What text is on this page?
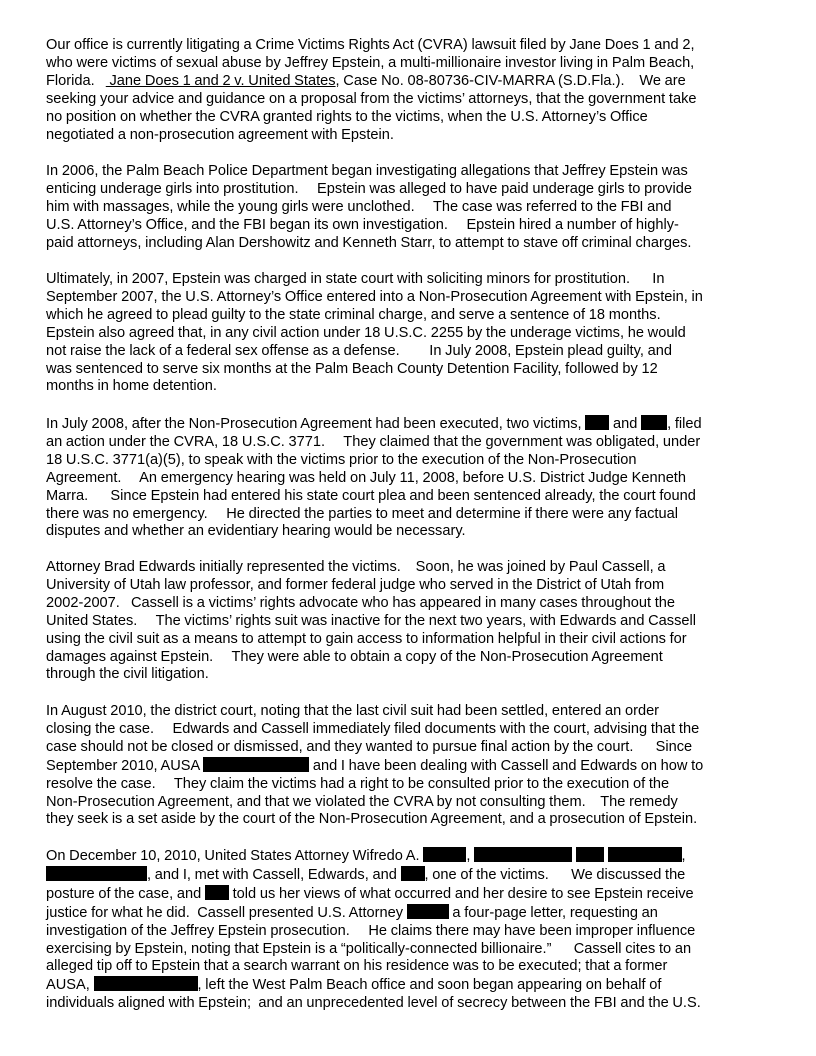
Our office is currently litigating a Crime Victims Rights Act (CVRA) lawsuit filed by Jane Does 1 and 2,
who were victims of sexual abuse by Jeffrey Epstein, a multi-millionaire investor living in Palm Beach,
Florida.    Jane Does 1 and 2 v. United States, Case No. 08-80736-CIV-MARRA (S.D.Fla.).    We are
seeking your advice and guidance on a proposal from the victims’ attorneys, that the government take
no position on whether the CVRA granted rights to the victims, when the U.S. Attorney’s Office
negotiated a non-prosecution agreement with Epstein.

In 2006, the Palm Beach Police Department began investigating allegations that Jeffrey Epstein was
enticing underage girls into prostitution.     Epstein was alleged to have paid underage girls to provide
him with massages, while the young girls were unclothed.     The case was referred to the FBI and
U.S. Attorney’s Office, and the FBI began its own investigation.     Epstein hired a number of highly-
paid attorneys, including Alan Dershowitz and Kenneth Starr, to attempt to stave off criminal charges.

Ultimately, in 2007, Epstein was charged in state court with soliciting minors for prostitution.      In
September 2007, the U.S. Attorney’s Office entered into a Non-Prosecution Agreement with Epstein, in
which he agreed to plead guilty to the state criminal charge, and serve a sentence of 18 months.
Epstein also agreed that, in any civil action under 18 U.S.C. 2255 by the underage victims, he would
not raise the lack of a federal sex offense as a defense.        In July 2008, Epstein plead guilty, and
was sentenced to serve six months at the Palm Beach County Detention Facility, followed by 12
months in home detention.

In July 2008, after the Non-Prosecution Agreement had been executed, two victims,  and , filed
an action under the CVRA, 18 U.S.C. 3771.     They claimed that the government was obligated, under
18 U.S.C. 3771(a)(5), to speak with the victims prior to the execution of the Non-Prosecution
Agreement.     An emergency hearing was held on July 11, 2008, before U.S. District Judge Kenneth
Marra.      Since Epstein had entered his state court plea and been sentenced already, the court found
there was no emergency.     He directed the parties to meet and determine if there were any factual
disputes and whether an evidentiary hearing would be necessary.

Attorney Brad Edwards initially represented the victims.    Soon, he was joined by Paul Cassell, a
University of Utah law professor, and former federal judge who served in the District of Utah from
2002-2007.   Cassell is a victims’ rights advocate who has appeared in many cases throughout the
United States.     The victims’ rights suit was inactive for the next two years, with Edwards and Cassell
using the civil suit as a means to attempt to gain access to information helpful in their civil actions for
damages against Epstein.     They were able to obtain a copy of the Non-Prosecution Agreement
through the civil litigation.

In August 2010, the district court, noting that the last civil suit had been settled, entered an order
closing the case.     Edwards and Cassell immediately filed documents with the court, advising that the
case should not be closed or dismissed, and they wanted to pursue final action by the court.      Since
September 2010, AUSA	and I have been dealing with Cassell and Edwards on how to
resolve the case.     They claim the victims had a right to be consulted prior to the execution of the
Non-Prosecution Agreement, and that we violated the CVRA by not consulting them.    The remedy
they seek is a set aside by the court of the Non-Prosecution Agreement, and a prosecution of Epstein.

On December 10, 2010, United States Attorney Wifredo A.	,	,
, and I, met with Cassell, Edwards, and , one of the victims.      We discussed the
posture of the case, and  told us her views of what occurred and her desire to see Epstein receive
justice for what he did.  Cassell presented U.S. Attorney	a four-page letter, requesting an
investigation of the Jeffrey Epstein prosecution.     He claims there may have been improper influence
exercising by Epstein, noting that Epstein is a “politically-connected billionaire.”      Cassell cites to an
alleged tip off to Epstein that a search warrant on his residence was to be executed; that a former
AUSA,	, left the West Palm Beach office and soon began appearing on behalf of
individuals aligned with Epstein;  and an unprecedented level of secrecy between the FBI and the U.S.
